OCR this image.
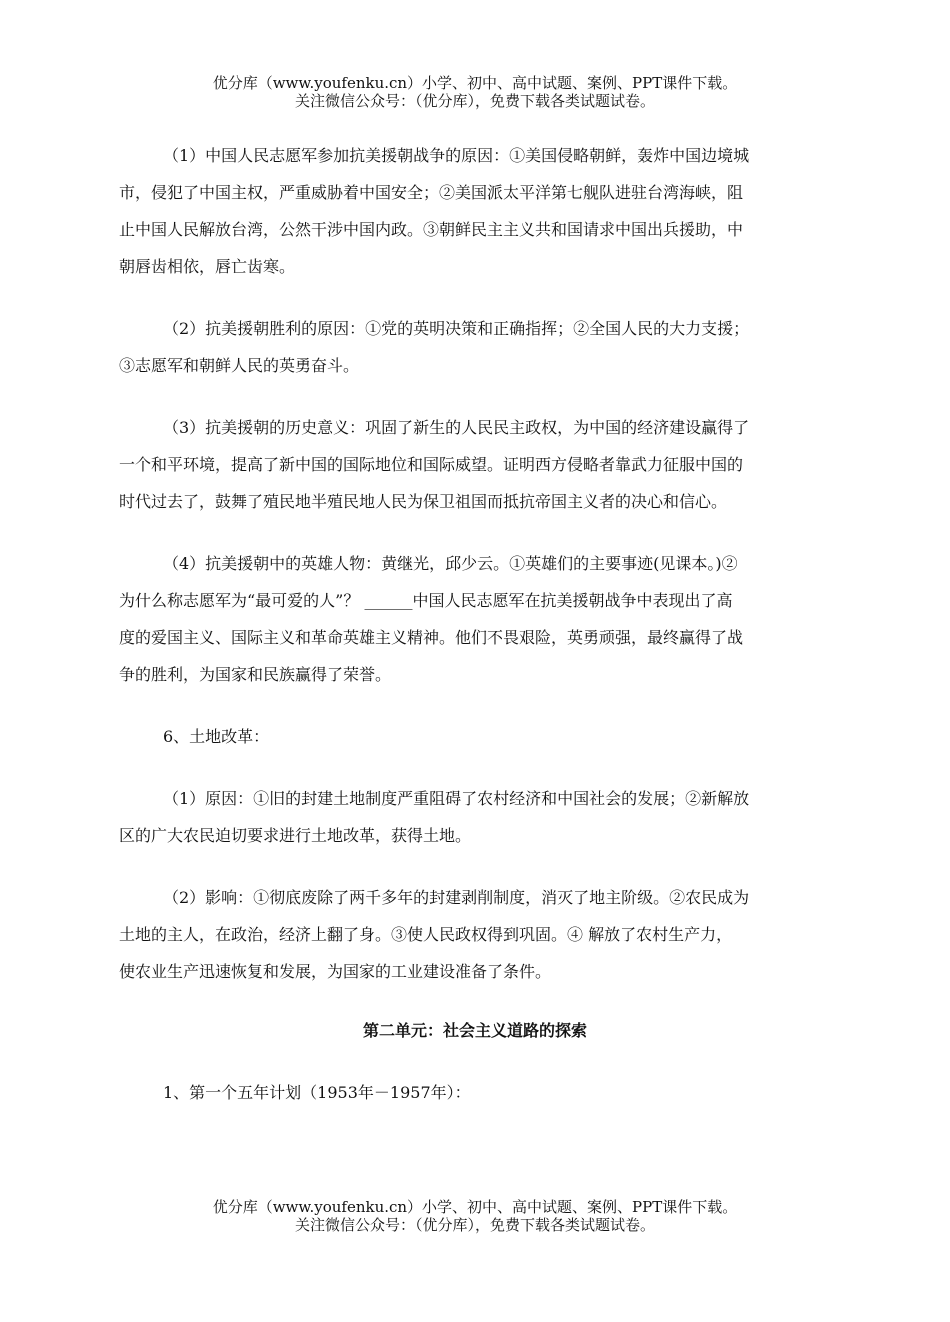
优分库（www.youfenku.cn）小学、初中、高中试题、案例、PPT课件下载。
关注微信公众号：（优分库），免费下载各类试题试卷。
（1）中国人民志愿军参加抗美援朝战争的原因：①美国侵略朝鲜，轰炸中国边境城
市，侵犯了中国主权，严重威胁着中国安全；②美国派太平洋第七舰队进驻台湾海峡，阻
止中国人民解放台湾，公然干涉中国内政。③朝鲜民主主义共和国请求中国出兵援助，中
朝唇齿相依，唇亡齿寒。
（2）抗美援朝胜利的原因：①党的英明决策和正确指挥；②全国人民的大力支援；
③志愿军和朝鲜人民的英勇奋斗。
（3）抗美援朝的历史意义：巩固了新生的人民民主政权，为中国的经济建设赢得了
一个和平环境，提高了新中国的国际地位和国际威望。证明西方侵略者靠武力征服中国的
时代过去了，鼓舞了殖民地半殖民地人民为保卫祖国而抵抗帝国主义者的决心和信心。
（4）抗美援朝中的英雄人物：黄继光，邱少云。①英雄们的主要事迹(见课本。)②
为什么称志愿军为“最可爱的人”？ ______中国人民志愿军在抗美援朝战争中表现出了高
度的爱国主义、国际主义和革命英雄主义精神。他们不畏艰险，英勇顽强，最终赢得了战
争的胜利，为国家和民族赢得了荣誉。
6、土地改革：
（1）原因：①旧的封建土地制度严重阻碍了农村经济和中国社会的发展；②新解放
区的广大农民迫切要求进行土地改革，获得土地。
（2）影响：①彻底废除了两千多年的封建剥削制度，消灭了地主阶级。②农民成为
土地的主人，在政治，经济上翻了身。③使人民政权得到巩固。④ 解放了农村生产力，
使农业生产迅速恢复和发展，为国家的工业建设准备了条件。
第二单元：社会主义道路的探索
1、第一个五年计划（1953年－1957年）：
优分库（www.youfenku.cn）小学、初中、高中试题、案例、PPT课件下载。
关注微信公众号：（优分库），免费下载各类试题试卷。
